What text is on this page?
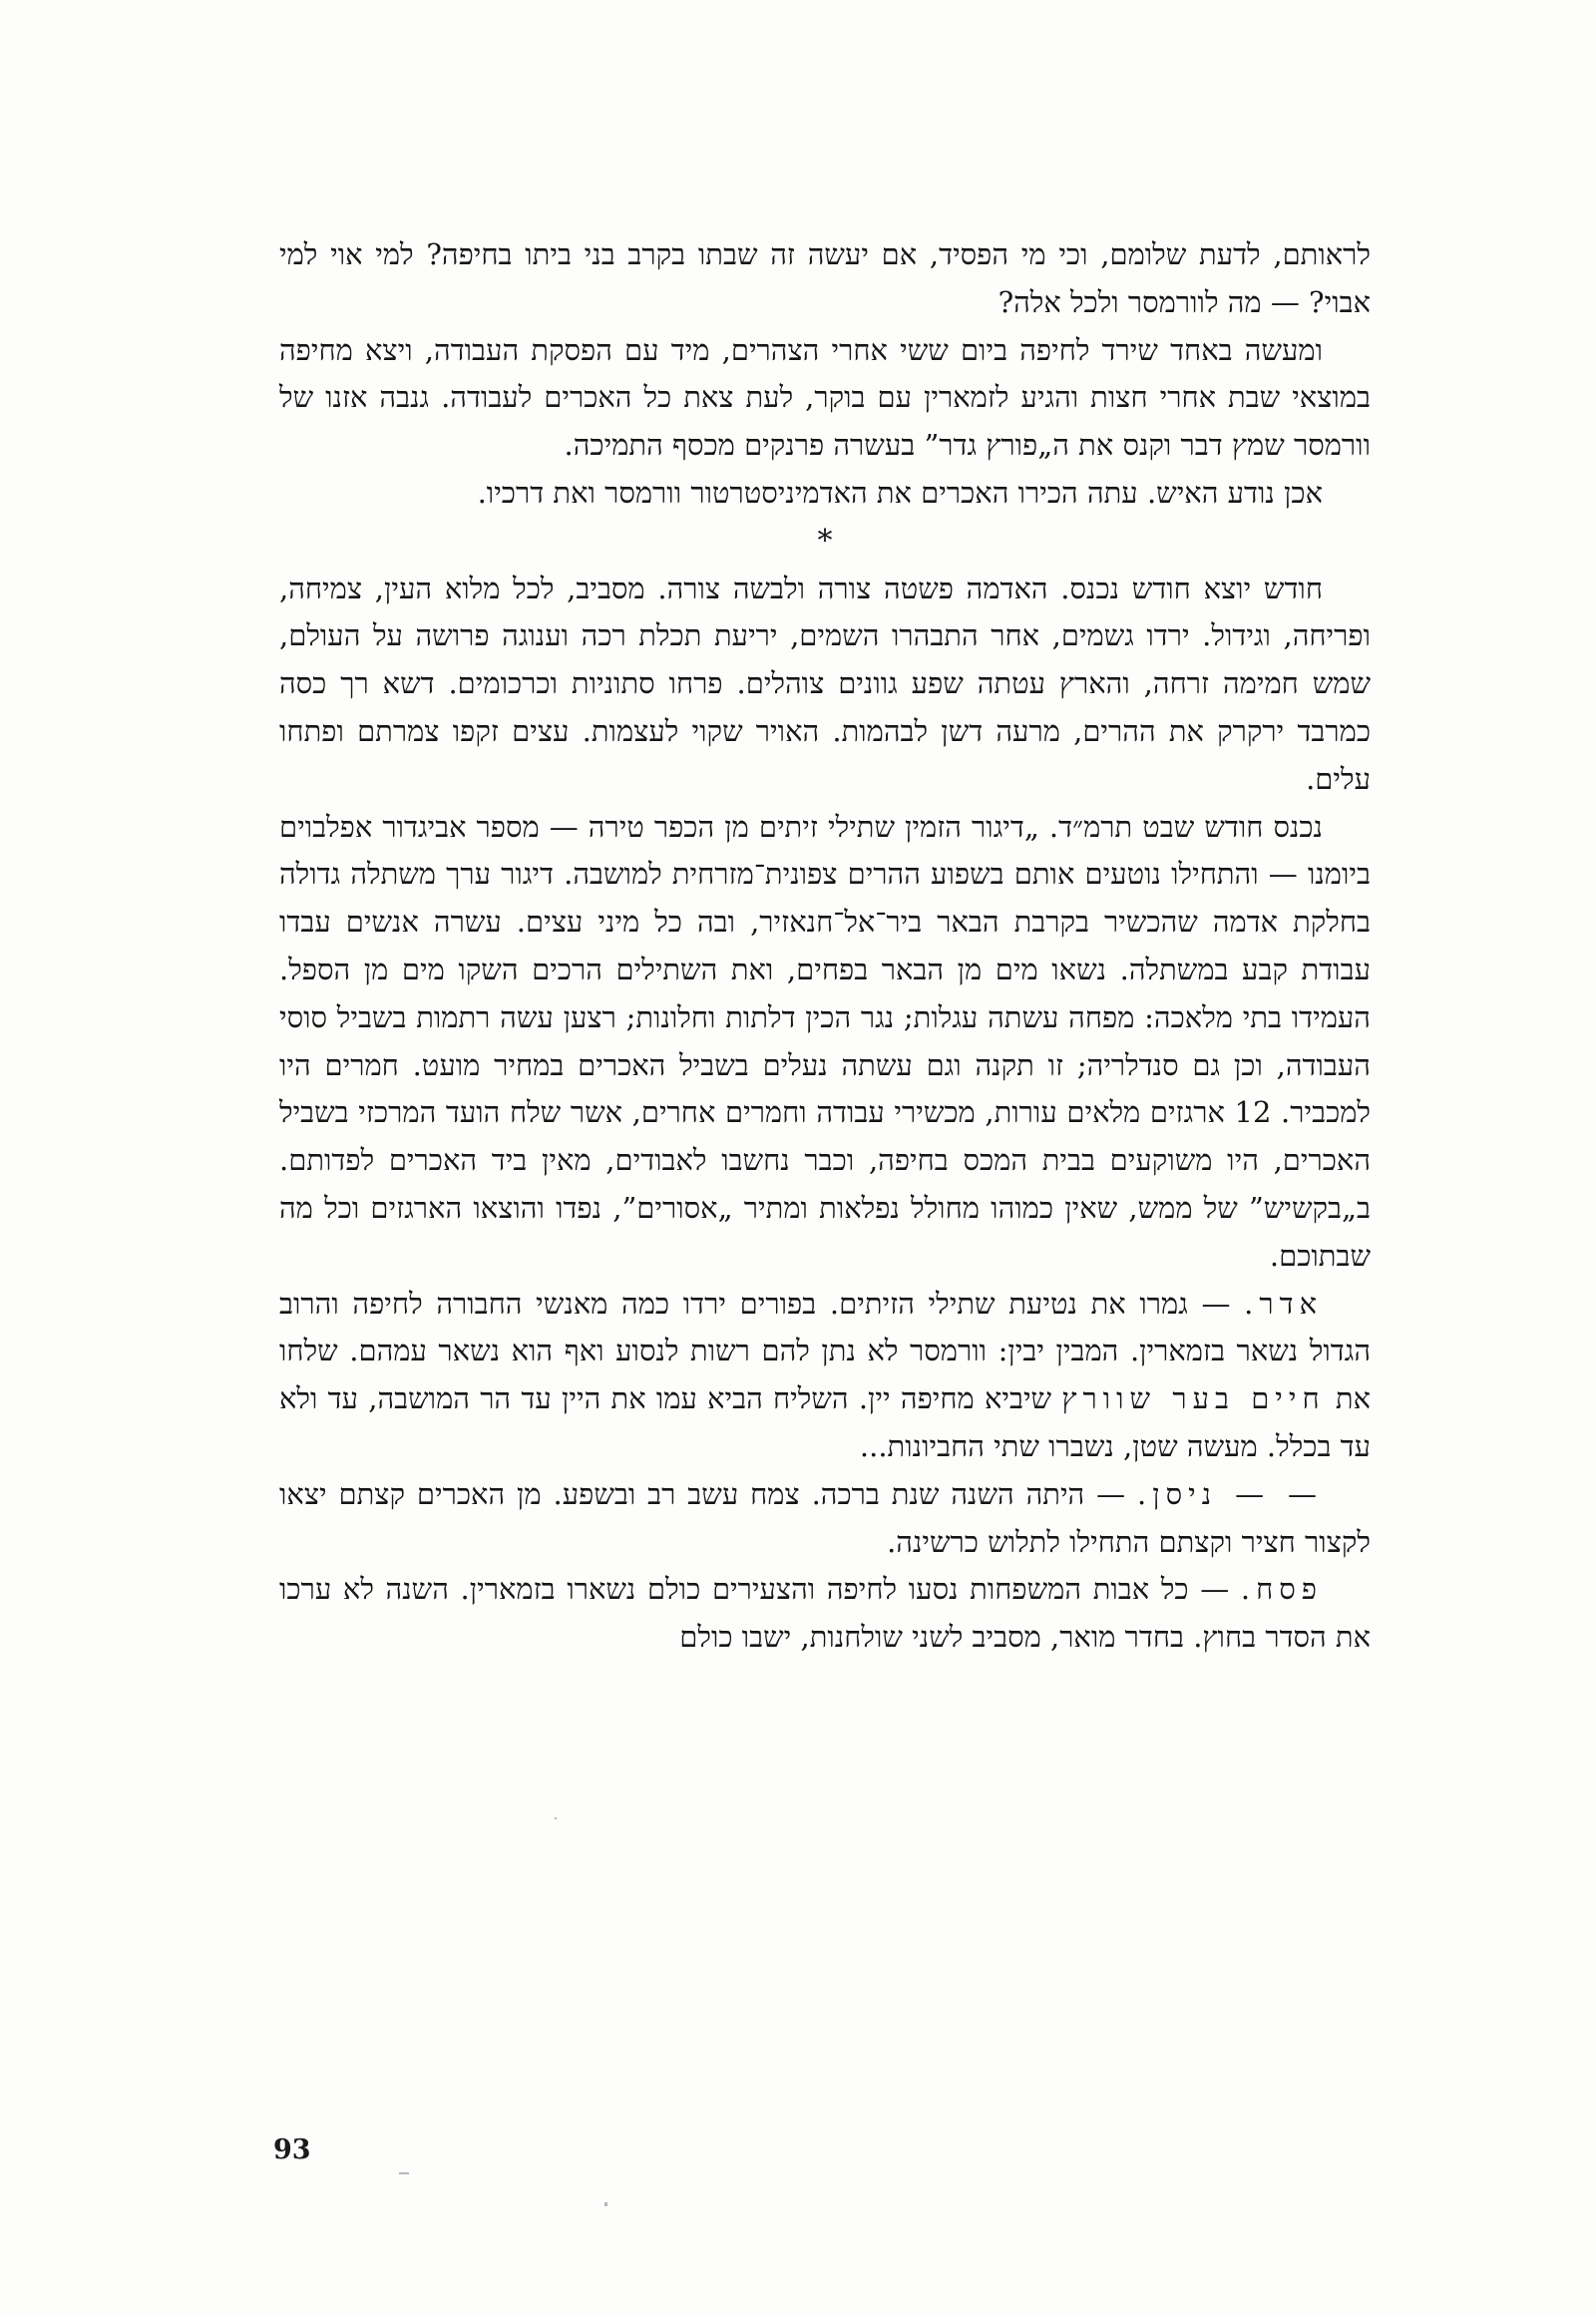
לראותם, לדעת שלומם, וכי מי הפסיד, אם יעשה זה שבתו בקרב בני ביתו בחיפה? למי אוי למי אבוי? — מה לוורמסר ולכל אלה?

ומעשה באחד שירד לחיפה ביום ששי אחרי הצהרים, מיד עם הפסקת העבודה, ויצא מחיפה במוצאי שבת אחרי חצות והגיע לזמארין עם בוקר, לעת צאת כל האכרים לעבודה. גנבה אזנו של וורמסר שמץ דבר וקנס את ה„פורץ גדר” בעשרה פרנקים מכסף התמיכה.

אכן נודע האיש. עתה הכירו האכרים את האדמיניסטרטור וורמסר ואת דרכיו.

*

חודש יוצא חודש נכנס. האדמה פשטה צורה ולבשה צורה. מסביב, לכל מלוא העין, צמיחה, ופריחה, וגידול. ירדו גשמים, אחר התבהרו השמים, יריעת תכלת רכה וענוגה פרושה על העולם, שמש חמימה זרחה, והארץ עטתה שפע גוונים צוהלים. פרחו סתוניות וכרכומים. דשא רך כסה כמרבד ירקרק את ההרים, מרעה דשן לבהמות. האויר שקוי לעצמות. עצים זקפו צמרתם ופתחו עלים.

נכנס חודש שבט תרמ״ד. „דיגור הזמין שתילי זיתים מן הכפר טירה — מספר אביגדור אפלבוים ביומנו — והתחילו נוטעים אותם בשפוע ההרים צפונית־מזרחית למושבה. דיגור ערך משתלה גדולה בחלקת אדמה שהכשיר בקרבת הבאר ביר־אל־חנאזיר, ובה כל מיני עצים. עשרה אנשים עבדו עבודת קבע במשתלה. נשאו מים מן הבאר בפחים, ואת השתילים הרכים השקו מים מן הספל. העמידו בתי מלאכה: מפחה עשתה עגלות; נגר הכין דלתות וחלונות; רצען עשה רתמות בשביל סוסי העבודה, וכן גם סנדלריה; זו תקנה וגם עשתה נעלים בשביל האכרים במחיר מועט. חמרים היו למכביר. 12 ארגזים מלאים עורות, מכשירי עבודה וחמרים אחרים, אשר שלח הועד המרכזי בשביל האכרים, היו משוקעים בבית המכס בחיפה, וכבר נחשבו לאבודים, מאין ביד האכרים לפדותם. ב„בקשיש” של ממש, שאין כמוהו מחולל נפלאות ומתיר „אסורים”, נפדו והוצאו הארגזים וכל מה שבתוכם.

אדר. — גמרו את נטיעת שתילי הזיתים. בפורים ירדו כמה מאנשי החבורה לחיפה והרוב הגדול נשאר בזמארין. המבין יבין: וורמסר לא נתן להם רשות לנסוע ואף הוא נשאר עמהם. שלחו את חיים בער שוורץ שיביא מחיפה יין. השליח הביא עמו את היין עד הר המושבה, עד ולא עד בכלל. מעשה שטן, נשברו שתי החביונות...

— — ניסן. — היתה השנה שנת ברכה. צמח עשב רב ובשפע. מן האכרים קצתם יצאו לקצור חציר וקצתם התחילו לתלוש כרשינה.

פסח. — כל אבות המשפחות נסעו לחיפה והצעירים כולם נשארו בזמארין. השנה לא ערכו את הסדר בחוץ. בחדר מואר, מסביב לשני שולחנות, ישבו כולם

93
